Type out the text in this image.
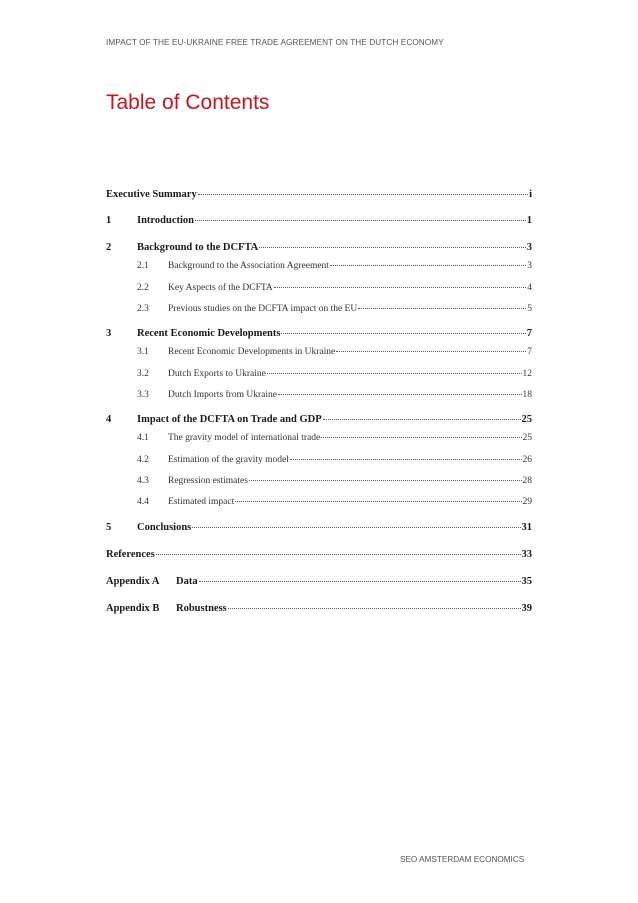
IMPACT OF THE EU-UKRAINE FREE TRADE AGREEMENT ON THE DUTCH ECONOMY
Table of Contents
Executive Summary	i
1	Introduction	1
2	Background to the DCFTA	3
2.1	Background to the Association Agreement	3
2.2	Key Aspects of the DCFTA	4
2.3	Previous studies on the DCFTA impact on the EU	5
3	Recent Economic Developments	7
3.1	Recent Economic Developments in Ukraine	7
3.2	Dutch Exports to Ukraine	12
3.3	Dutch Imports from Ukraine	18
4	Impact of the DCFTA on Trade and GDP	25
4.1	The gravity model of international trade	25
4.2	Estimation of the gravity model	26
4.3	Regression estimates	28
4.4	Estimated impact	29
5	Conclusions	31
References	33
Appendix A	Data	35
Appendix B	Robustness	39
SEO AMSTERDAM ECONOMICS
